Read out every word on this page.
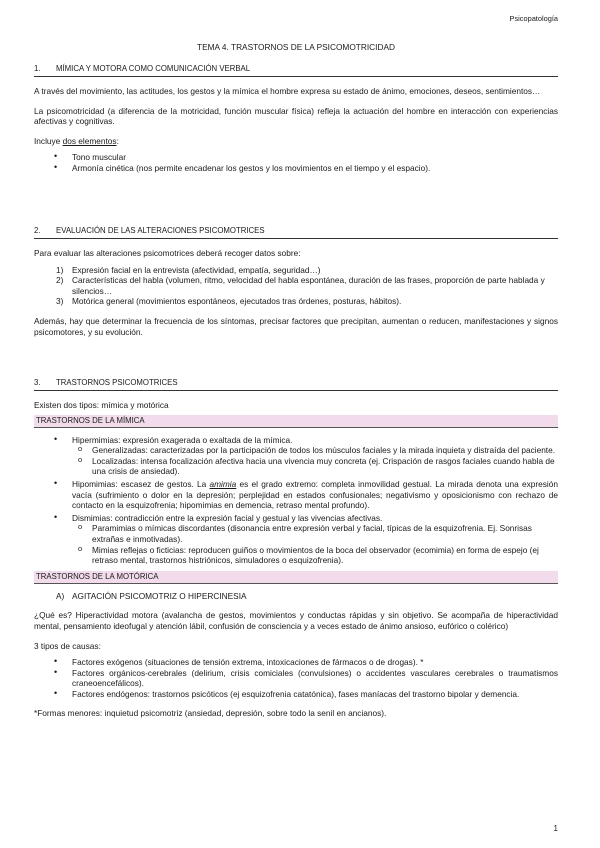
Psicopatología
TEMA 4. TRASTORNOS DE LA PSICOMOTRICIDAD
1. MÍMICA Y MOTORA COMO COMUNICACIÓN VERBAL

A través del movimiento, las actitudes, los gestos y la mímica el hombre expresa su estado de ánimo, emociones, deseos, sentimientos…

La psicomotricidad (a diferencia de la motricidad, función muscular física) refleja la actuación del hombre en interacción con experiencias afectivas y cognitivas.

Incluye dos elementos:

• Tono muscular
• Armonía cinética (nos permite encadenar los gestos y los movimientos en el tiempo y el espacio).
2. EVALUACIÓN DE LAS ALTERACIONES PSICOMOTRICES

Para evaluar las alteraciones psicomotrices deberá recoger datos sobre:

1) Expresión facial en la entrevista (afectividad, empatía, seguridad…)
2) Características del habla (volumen, ritmo, velocidad del habla espontánea, duración de las frases, proporción de parte hablada y silencios…
3) Motórica general (movimientos espontáneos, ejecutados tras órdenes, posturas, hábitos).

Además, hay que determinar la frecuencia de los síntomas, precisar factores que precipitan, aumentan o reducen, manifestaciones y signos psicomotores, y su evolución.

3. TRASTORNOS PSICOMOTRICES

Existen dos tipos: mímica y motórica

TRASTORNOS DE LA MÍMICA
• Hipermimias: expresión exagerada o exaltada de la mímica.
o Generalizadas: caracterizadas por la participación de todos los músculos faciales y la mirada inquieta y distraída del paciente.
o Localizadas: intensa focalización afectiva hacia una vivencia muy concreta (ej. Crispación de rasgos faciales cuando habla de una crisis de ansiedad).
• Hipomimias: escasez de gestos. La amimia es el grado extremo: completa inmovilidad gestual. La mirada denota una expresión vacía (sufrimiento o dolor en la depresión; perplejidad en estados confusionales; negativismo y oposicionismo con rechazo de contacto en la esquizofrenia; hipomimias en demencia, retraso mental profundo).
• Dismimias: contradicción entre la expresión facial y gestual y las vivencias afectivas.
o Paramimias o mímicas discordantes (disonancia entre expresión verbal y facial, típicas de la esquizofrenia. Ej. Sonrisas extrañas e inmotivadas).
o Mimias reflejas o ficticias: reproducen guiños o movimientos de la boca del observador (ecomimia) en forma de espejo (ej retraso mental, trastornos histriónicos, simuladores o esquizofrenia).
TRASTORNOS DE LA MOTÓRICA
A) AGITACIÓN PSICOMOTRIZ O HIPERCINESIA

¿Qué es? Hiperactividad motora (avalancha de gestos, movimientos y conductas rápidas y sin objetivo. Se acompaña de hiperactividad mental, pensamiento ideofugal y atención lábil, confusión de consciencia y a veces estado de ánimo ansioso, eufórico o colérico)

3 tipos de causas:

• Factores exógenos (situaciones de tensión extrema, intoxicaciones de fármacos o de drogas). *
• Factores orgánicos-cerebrales (delirium, crisis comiciales (convulsiones) o accidentes vasculares cerebrales o traumatismos craneoencefálicos).
• Factores endógenos: trastornos psicóticos (ej esquizofrenia catatónica), fases maníacas del trastorno bipolar y demencia.

*Formas menores: inquietud psicomotriz (ansiedad, depresión, sobre todo la senil en ancianos).

1
